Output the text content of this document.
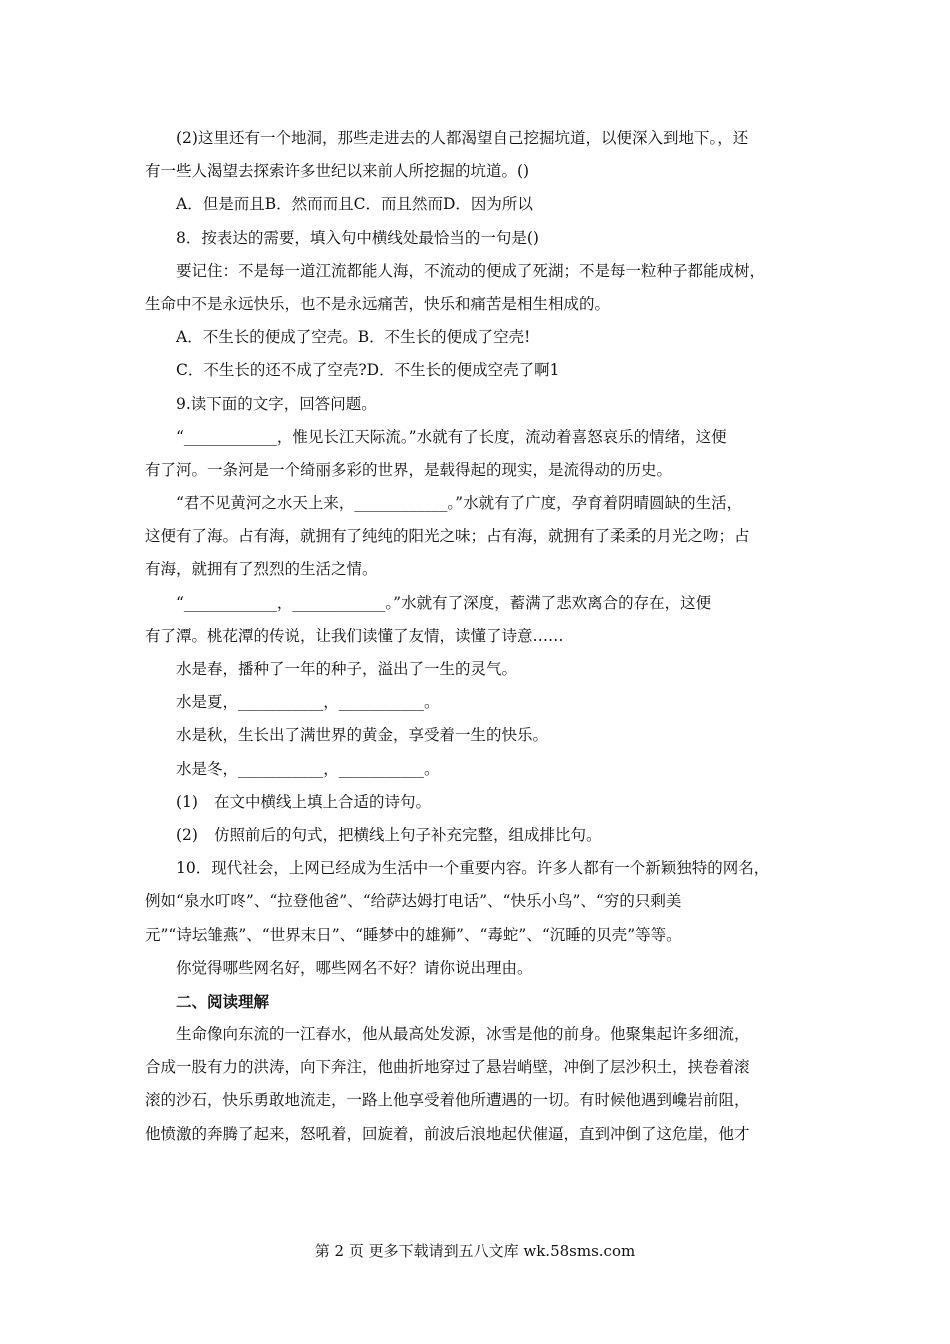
(2)这里还有一个地洞，那些走进去的人都渴望自己挖掘坑道，以便深入到地下。，还
有一些人渴望去探索许多世纪以来前人所挖掘的坑道。()
A．但是而且B．然而而且C．而且然而D．因为所以
8．按表达的需要，填入句中横线处最恰当的一句是()
要记住：不是每一道江流都能人海，不流动的便成了死湖；不是每一粒种子都能成树，
生命中不是永远快乐，也不是永远痛苦，快乐和痛苦是相生相成的。
A．不生长的便成了空壳。B．不生长的便成了空壳!
C．不生长的还不成了空壳?D．不生长的便成空壳了啊1
9.读下面的文字，回答问题。
“____________，惟见长江天际流。”水就有了长度，流动着喜怒哀乐的情绪，这便
有了河。一条河是一个绮丽多彩的世界，是载得起的现实，是流得动的历史。
“君不见黄河之水天上来，____________。”水就有了广度，孕育着阴晴圆缺的生活，
这便有了海。占有海，就拥有了纯纯的阳光之味；占有海，就拥有了柔柔的月光之吻；占
有海，就拥有了烈烈的生活之情。
“____________，____________。”水就有了深度，蓄满了悲欢离合的存在，这便
有了潭。桃花潭的传说，让我们读懂了友情，读懂了诗意……
水是春，播种了一年的种子，溢出了一生的灵气。
水是夏，___________，___________。
水是秋，生长出了满世界的黄金，享受着一生的快乐。
水是冬，___________，___________。
(1) 在文中横线上填上合适的诗句。
(2) 仿照前后的句式，把横线上句子补充完整，组成排比句。
10．现代社会，上网已经成为生活中一个重要内容。许多人都有一个新颖独特的网名，
例如“泉水叮咚”、“拉登他爸”、“给萨达姆打电话”、“快乐小鸟”、“穷的只剩美
元”“诗坛雏燕”、“世界末日”、“睡梦中的雄狮”、“毒蛇”、“沉睡的贝壳”等等。
你觉得哪些网名好，哪些网名不好？请你说出理由。
二、阅读理解
生命像向东流的一江春水，他从最高处发源，冰雪是他的前身。他聚集起许多细流，
合成一股有力的洪涛，向下奔注，他曲折地穿过了悬岩峭壁，冲倒了层沙积土，挟卷着滚
滚的沙石，快乐勇敢地流走，一路上他享受着他所遭遇的一切。有时候他遇到巉岩前阻，
他愤激的奔腾了起来，怒吼着，回旋着，前波后浪地起伏催逼，直到冲倒了这危崖，他才
第 2 页 更多下载请到五八文库 wk.58sms.com
